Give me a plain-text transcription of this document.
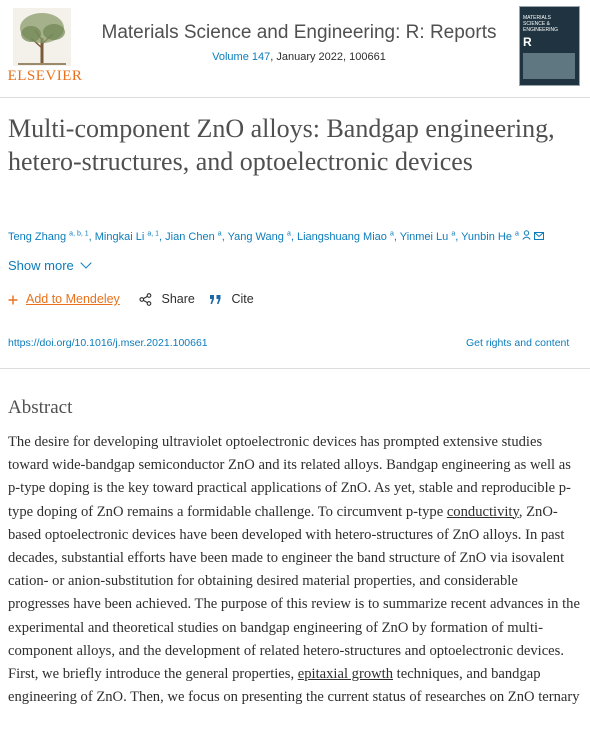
ELSEVIER
Materials Science and Engineering: R: Reports
Volume 147, January 2022, 100661
MATERIALS
SCIENCE &
ENGINEERING
R
Multi-component ZnO alloys: Bandgap engineering, hetero-structures, and optoelectronic devices
Teng Zhang $^{a, b, 1}$, Mingkai Li $^{a, 1}$, Jian Chen $^a$, Yang Wang $^a$, Liangshuang Miao $^a$, Yinmei Lu $^a$, Yunbin He $^a$
Show more
Add to Mendeley	Share	Cite
https://doi.org/10.1016/j.mser.2021.100661	Get rights and content
Abstract

The desire for developing ultraviolet optoelectronic devices has prompted extensive studies toward wide-bandgap semiconductor ZnO and its related alloys. Bandgap engineering as well as p-type doping is the key toward practical applications of ZnO. As yet, stable and reproducible p-type doping of ZnO remains a formidable challenge. To circumvent p-type conductivity, ZnO-based optoelectronic devices have been developed with hetero-structures of ZnO alloys. In past decades, substantial efforts have been made to engineer the band structure of ZnO via isovalent cation- or anion-substitution for obtaining desired material properties, and considerable progresses have been achieved. The purpose of this review is to summarize recent advances in the experimental and theoretical studies on bandgap engineering of ZnO by formation of multi-component alloys, and the development of related hetero-structures and optoelectronic devices. First, we briefly introduce the general properties, epitaxial growth techniques, and bandgap engineering of ZnO. Then, we focus on presenting the current status of researches on ZnO ternary
